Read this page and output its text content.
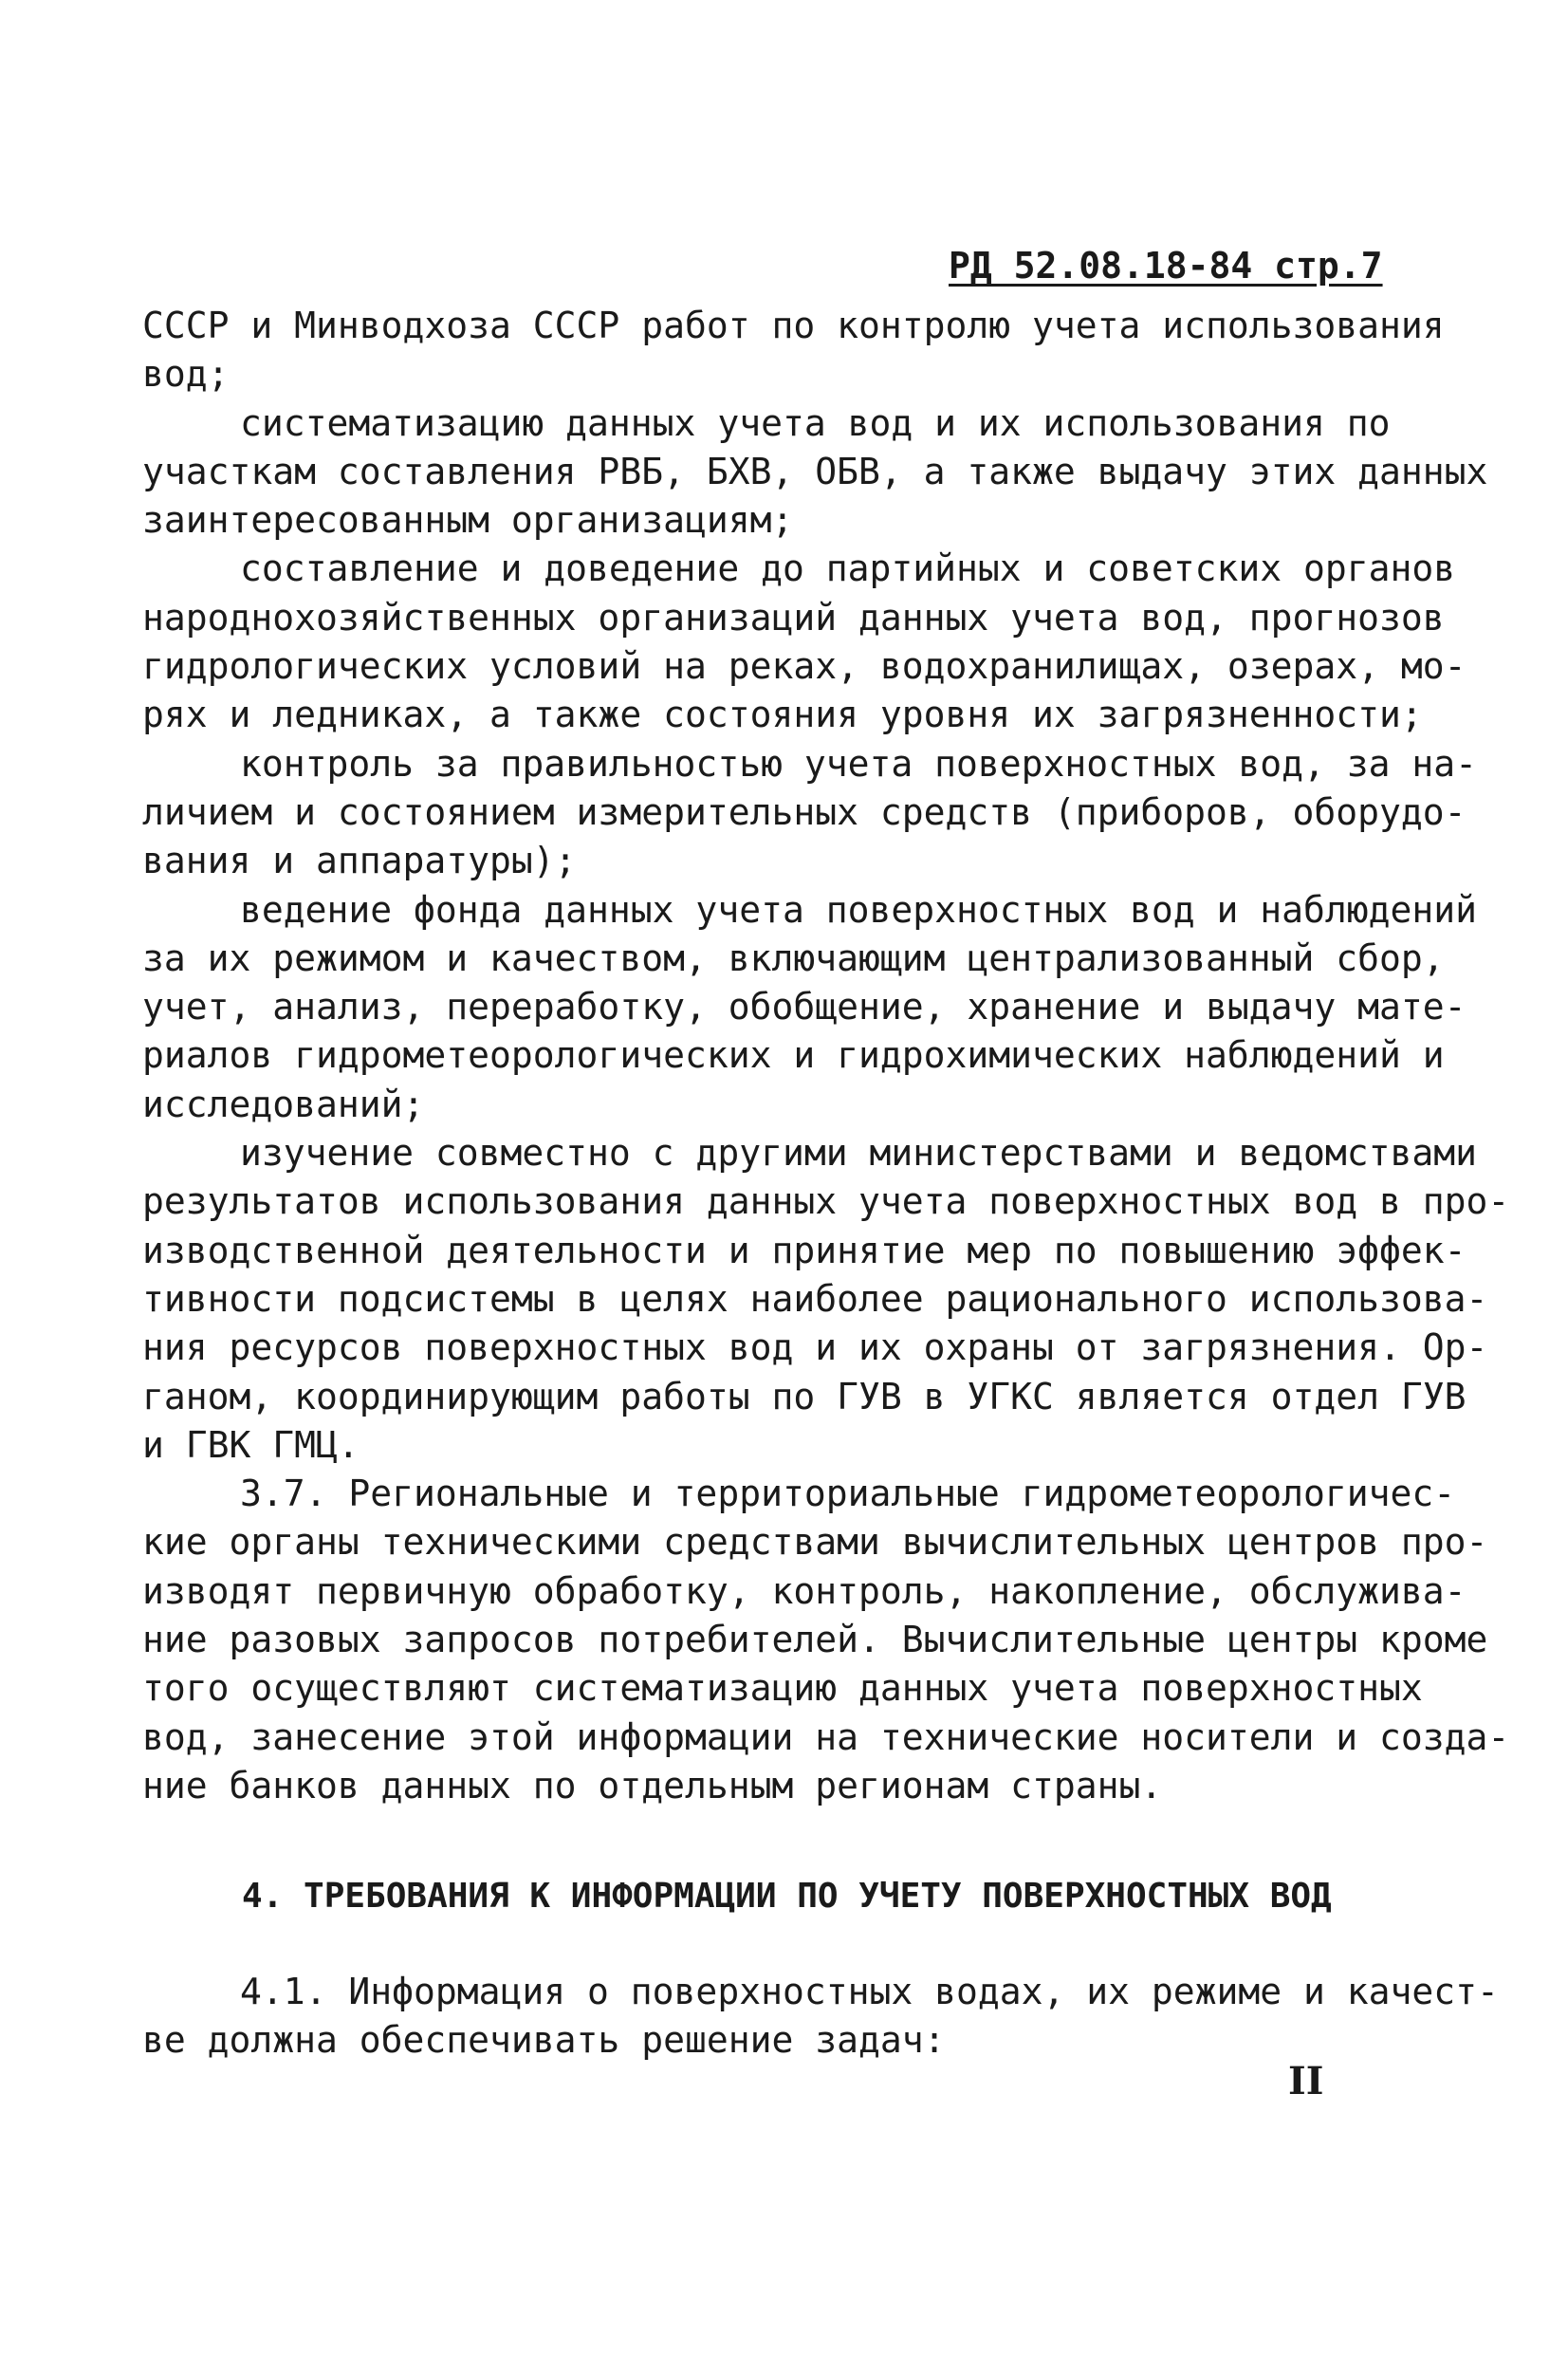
РД 52.08.18-84 стр.7
СССР и Минводхоза СССР работ по контролю учета использования
вод;
систематизацию данных учета вод и их использования по
участкам составления РВБ, БХВ, ОБВ, а также выдачу этих данных
заинтересованным организациям;
составление и доведение до партийных и советских органов
народнохозяйственных организаций данных учета вод, прогнозов
гидрологических условий на реках, водохранилищах, озерах, мо-
рях и ледниках, а также состояния уровня их загрязненности;
контроль за правильностью учета поверхностных вод, за на-
личием и состоянием измерительных средств (приборов, оборудо-
вания и аппаратуры);
ведение фонда данных учета поверхностных вод и наблюдений
за их режимом и качеством, включающим централизованный сбор,
учет, анализ, переработку, обобщение, хранение и выдачу мате-
риалов гидрометеорологических и гидрохимических наблюдений и
исследований;
изучение совместно с другими министерствами и ведомствами
результатов использования данных учета поверхностных вод в про-
изводственной деятельности и принятие мер по повышению эффек-
тивности подсистемы в целях наиболее рационального использова-
ния ресурсов поверхностных вод и их охраны от загрязнения. Ор-
ганом, координирующим работы по ГУВ в УГКС является отдел ГУВ
и ГВК ГМЦ.
3.7. Региональные и территориальные гидрометеорологичес-
кие органы техническими средствами вычислительных центров про-
изводят первичную обработку, контроль, накопление, обслужива-
ние разовых запросов потребителей. Вычислительные центры кроме
того осуществляют систематизацию данных учета поверхностных
вод, занесение этой информации на технические носители и созда-
ние банков данных по отдельным регионам страны.
4. ТРЕБОВАНИЯ К ИНФОРМАЦИИ ПО УЧЕТУ ПОВЕРХНОСТНЫХ ВОД
4.1. Информация о поверхностных водах, их режиме и качест-
ве должна обеспечивать решение задач:
II
